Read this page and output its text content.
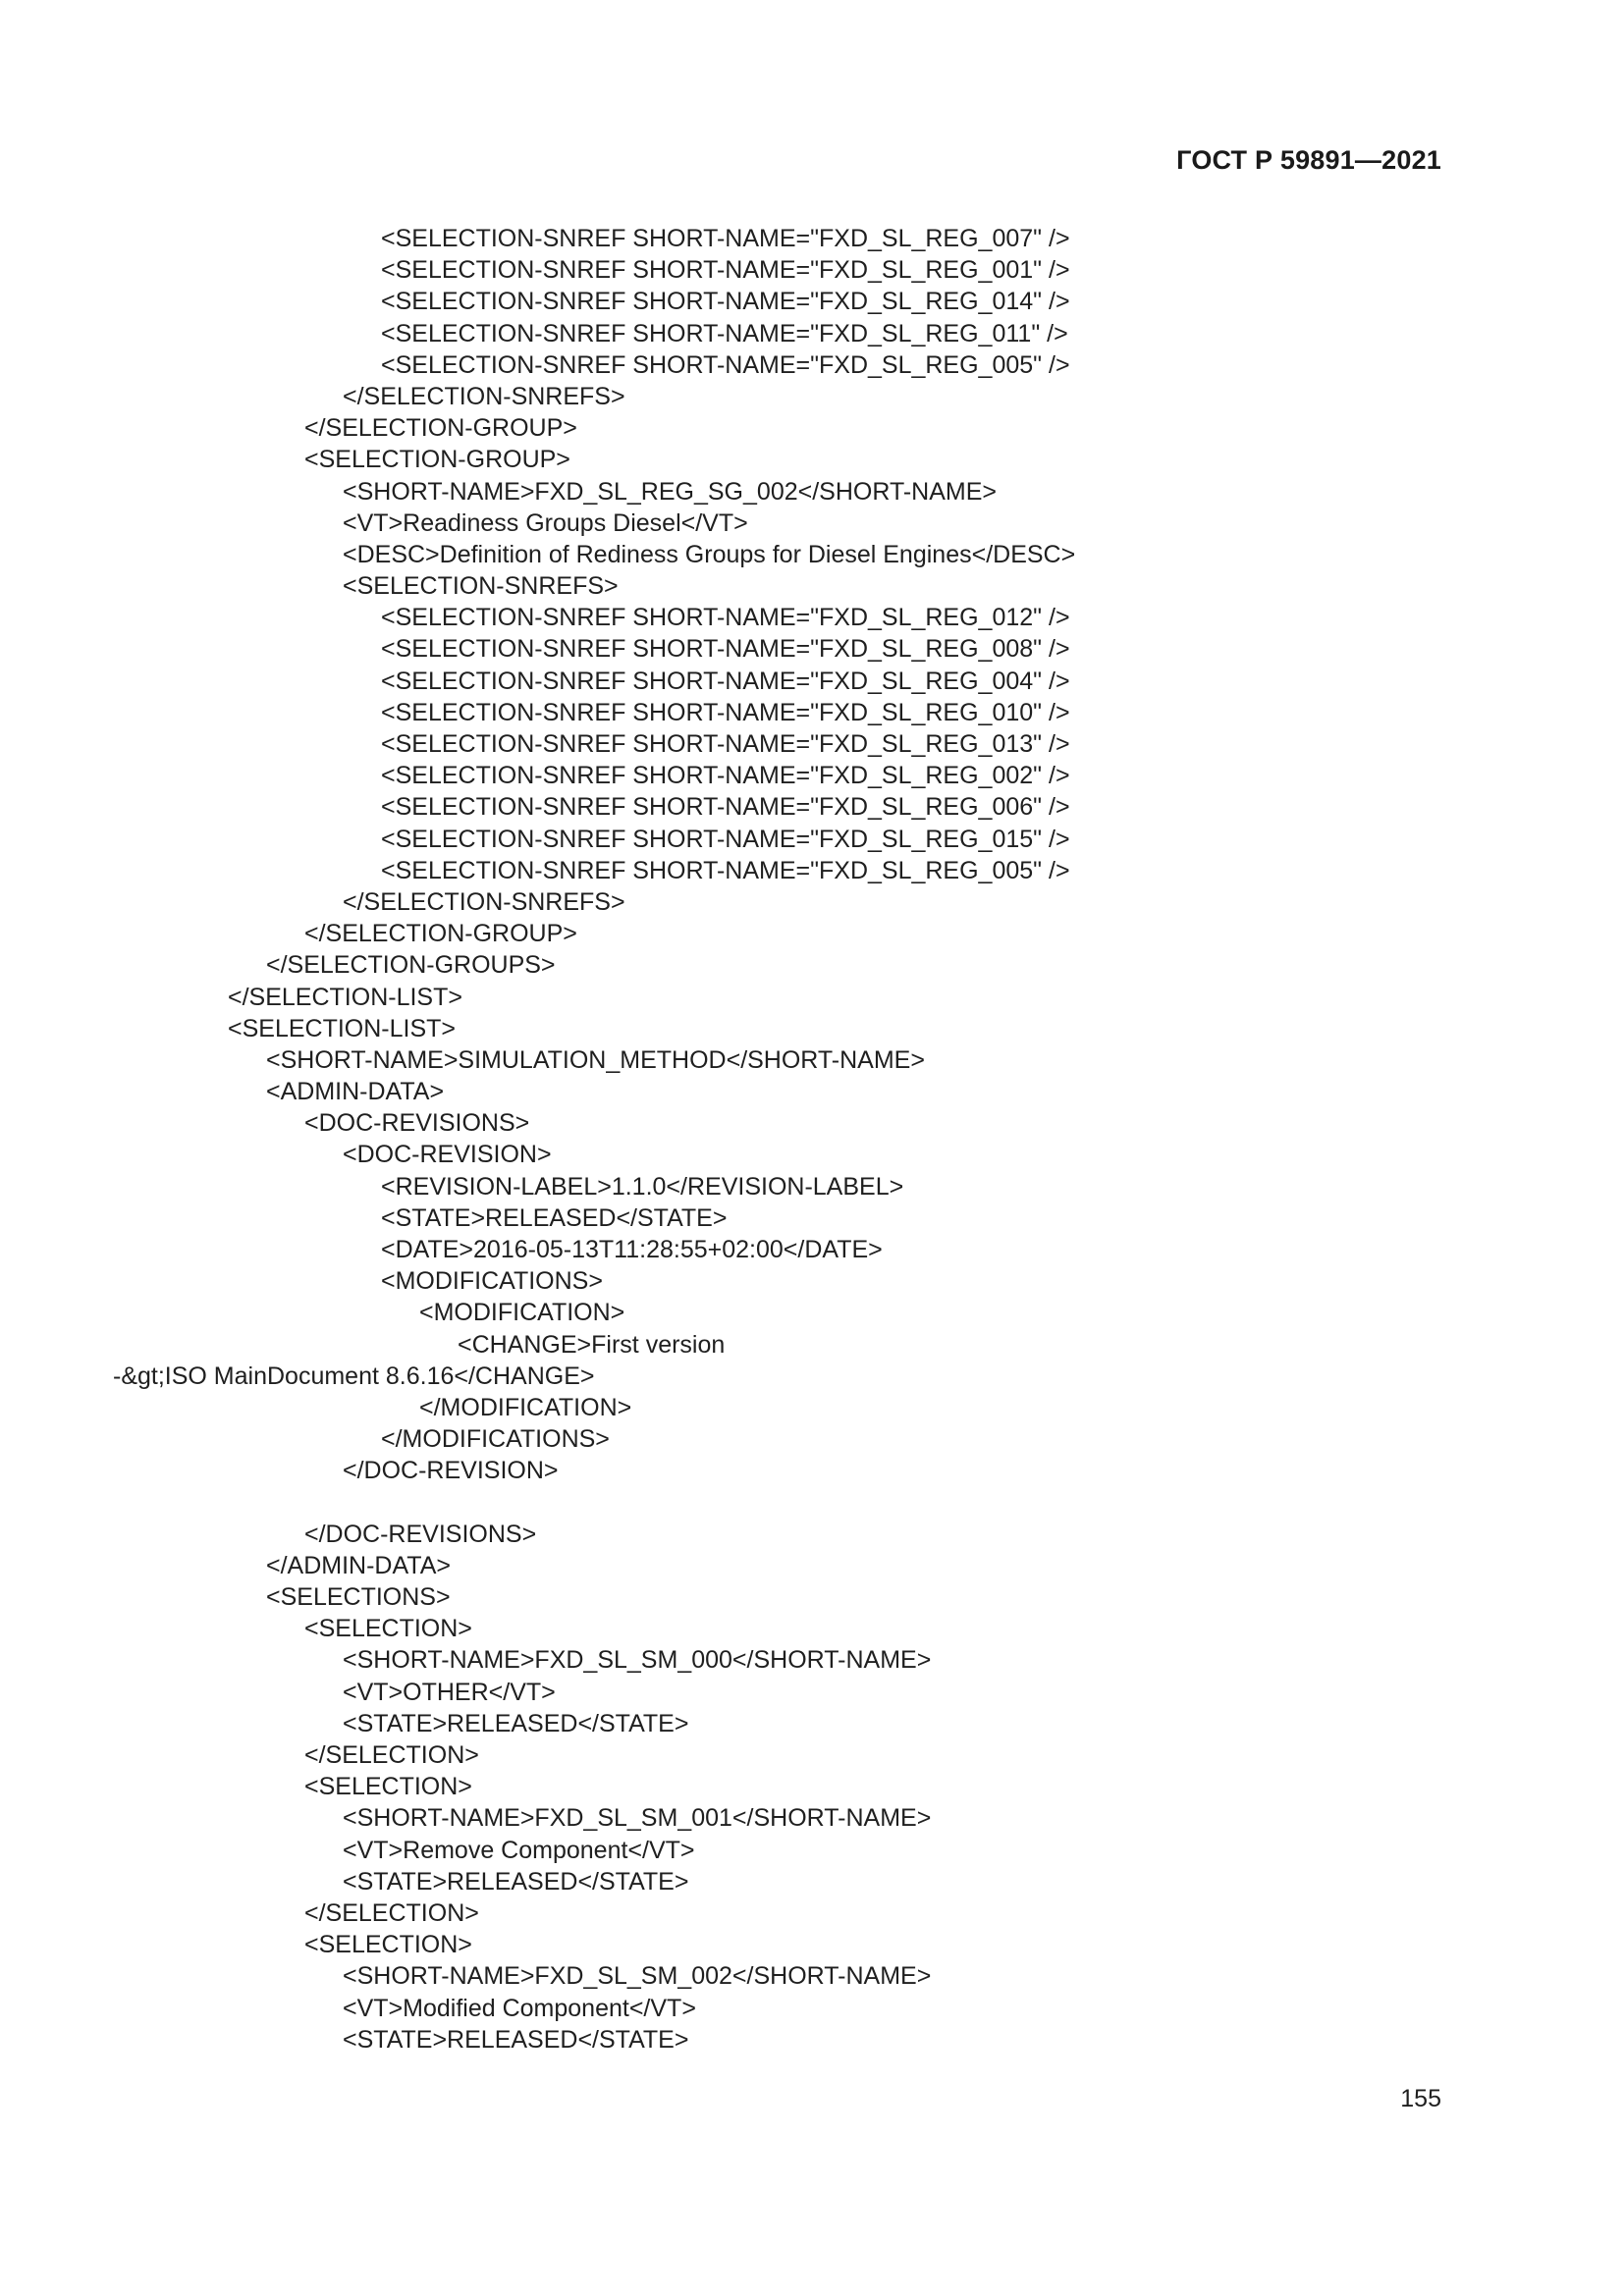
ГОСТ Р 59891—2021
<SELECTION-SNREF SHORT-NAME="FXD_SL_REG_007" />
<SELECTION-SNREF SHORT-NAME="FXD_SL_REG_001" />
<SELECTION-SNREF SHORT-NAME="FXD_SL_REG_014" />
<SELECTION-SNREF SHORT-NAME="FXD_SL_REG_011" />
<SELECTION-SNREF SHORT-NAME="FXD_SL_REG_005" />
</SELECTION-SNREFS>
</SELECTION-GROUP>
<SELECTION-GROUP>
<SHORT-NAME>FXD_SL_REG_SG_002</SHORT-NAME>
<VT>Readiness Groups Diesel</VT>
<DESC>Definition of Rediness Groups for Diesel Engines</DESC>
<SELECTION-SNREFS>
<SELECTION-SNREF SHORT-NAME="FXD_SL_REG_012" />
<SELECTION-SNREF SHORT-NAME="FXD_SL_REG_008" />
<SELECTION-SNREF SHORT-NAME="FXD_SL_REG_004" />
<SELECTION-SNREF SHORT-NAME="FXD_SL_REG_010" />
<SELECTION-SNREF SHORT-NAME="FXD_SL_REG_013" />
<SELECTION-SNREF SHORT-NAME="FXD_SL_REG_002" />
<SELECTION-SNREF SHORT-NAME="FXD_SL_REG_006" />
<SELECTION-SNREF SHORT-NAME="FXD_SL_REG_015" />
<SELECTION-SNREF SHORT-NAME="FXD_SL_REG_005" />
</SELECTION-SNREFS>
</SELECTION-GROUP>
</SELECTION-GROUPS>
</SELECTION-LIST>
<SELECTION-LIST>
<SHORT-NAME>SIMULATION_METHOD</SHORT-NAME>
<ADMIN-DATA>
<DOC-REVISIONS>
<DOC-REVISION>
<REVISION-LABEL>1.1.0</REVISION-LABEL>
<STATE>RELEASED</STATE>
<DATE>2016-05-13T11:28:55+02:00</DATE>
<MODIFICATIONS>
<MODIFICATION>
<CHANGE>First version
-&gt;ISO MainDocument 8.6.16</CHANGE>
</MODIFICATION>
</MODIFICATIONS>
</DOC-REVISION>
</DOC-REVISIONS>
</ADMIN-DATA>
<SELECTIONS>
<SELECTION>
<SHORT-NAME>FXD_SL_SM_000</SHORT-NAME>
<VT>OTHER</VT>
<STATE>RELEASED</STATE>
</SELECTION>
<SELECTION>
<SHORT-NAME>FXD_SL_SM_001</SHORT-NAME>
<VT>Remove Component</VT>
<STATE>RELEASED</STATE>
</SELECTION>
<SELECTION>
<SHORT-NAME>FXD_SL_SM_002</SHORT-NAME>
<VT>Modified Component</VT>
<STATE>RELEASED</STATE>
155
